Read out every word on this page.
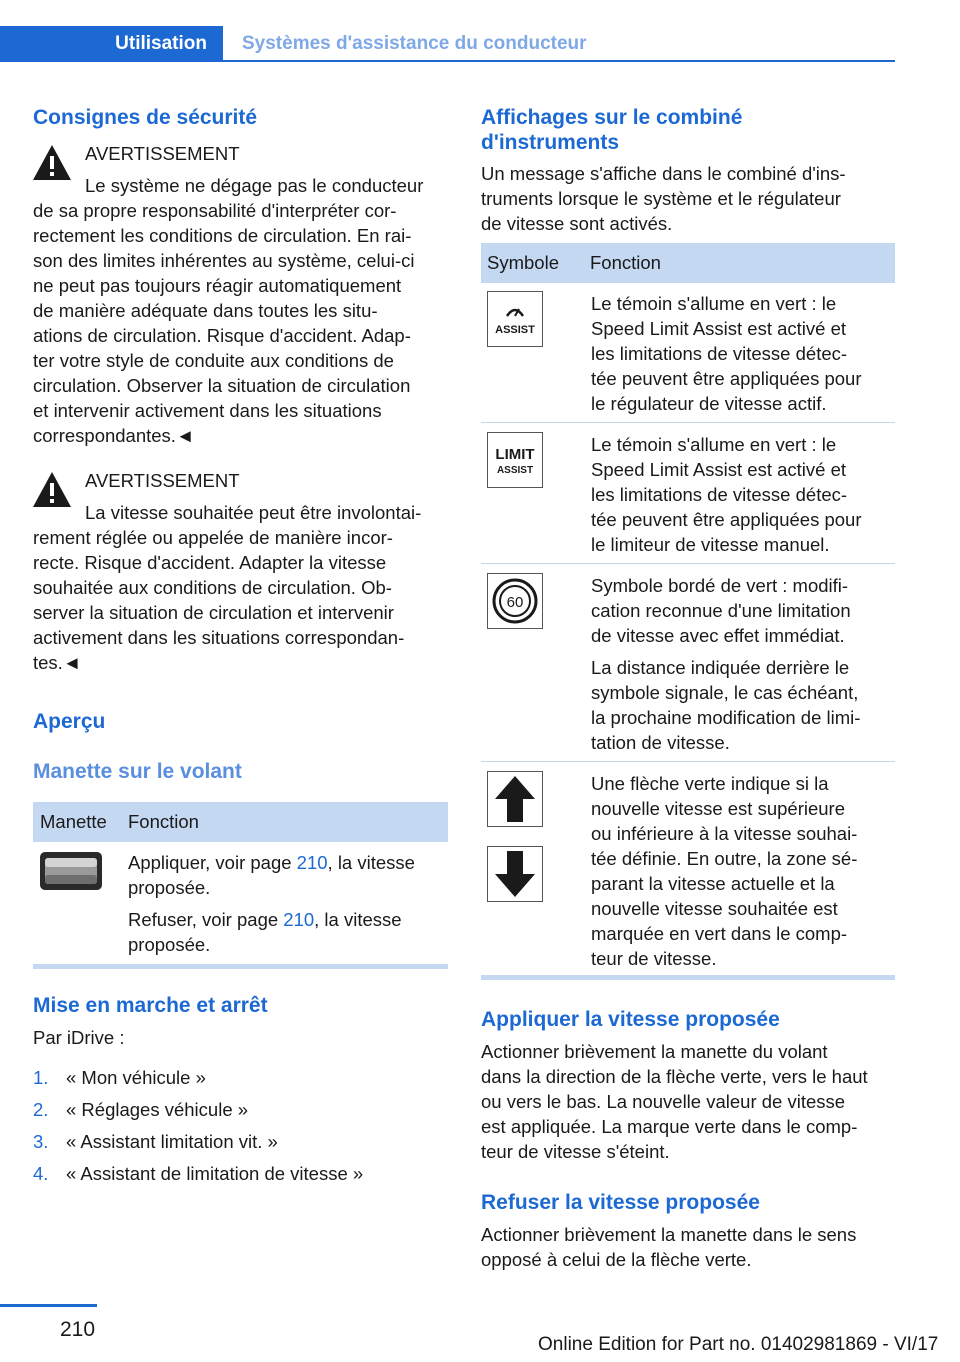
Utilisation	Systèmes d'assistance du conducteur
Consignes de sécurité
AVERTISSEMENT
Le système ne dégage pas le conducteur
de sa propre responsabilité d'interpréter cor-
rectement les conditions de circulation. En rai-
son des limites inhérentes au système, celui-ci
ne peut pas toujours réagir automatiquement
de manière adéquate dans toutes les situ-
ations de circulation. Risque d'accident. Adap-
ter votre style de conduite aux conditions de
circulation. Observer la situation de circulation
et intervenir activement dans les situations
correspondantes.◄
AVERTISSEMENT
La vitesse souhaitée peut être involontai-
rement réglée ou appelée de manière incor-
recte. Risque d'accident. Adapter la vitesse
souhaitée aux conditions de circulation. Ob-
server la situation de circulation et intervenir
activement dans les situations correspondan-
tes.◄
Aperçu
Manette sur le volant
Manette Fonction
Appliquer, voir page 210, la vitesse
proposée.
Refuser, voir page 210, la vitesse
proposée.
Mise en marche et arrêt
Par iDrive :
1. « Mon véhicule »
2. « Réglages véhicule »
3. « Assistant limitation vit. »
4. « Assistant de limitation de vitesse »
Affichages sur le combiné
d'instruments
Un message s'affiche dans le combiné d'ins-
truments lorsque le système et le régulateur
de vitesse sont activés.
Symbole Fonction
ASSIST
Le témoin s'allume en vert : le
Speed Limit Assist est activé et
les limitations de vitesse détec-
tée peuvent être appliquées pour
le régulateur de vitesse actif.
LIMIT
ASSIST
Le témoin s'allume en vert : le
Speed Limit Assist est activé et
les limitations de vitesse détec-
tée peuvent être appliquées pour
le limiteur de vitesse manuel.
60
Symbole bordé de vert : modifi-
cation reconnue d'une limitation
de vitesse avec effet immédiat.
La distance indiquée derrière le
symbole signale, le cas échéant,
la prochaine modification de limi-
tation de vitesse.
Une flèche verte indique si la
nouvelle vitesse est supérieure
ou inférieure à la vitesse souhai-
tée définie. En outre, la zone sé-
parant la vitesse actuelle et la
nouvelle vitesse souhaitée est
marquée en vert dans le comp-
teur de vitesse.
Appliquer la vitesse proposée
Actionner brièvement la manette du volant
dans la direction de la flèche verte, vers le haut
ou vers le bas. La nouvelle valeur de vitesse
est appliquée. La marque verte dans le comp-
teur de vitesse s'éteint.
Refuser la vitesse proposée
Actionner brièvement la manette dans le sens
opposé à celui de la flèche verte.
210
Online Edition for Part no. 01402981869 - VI/17
